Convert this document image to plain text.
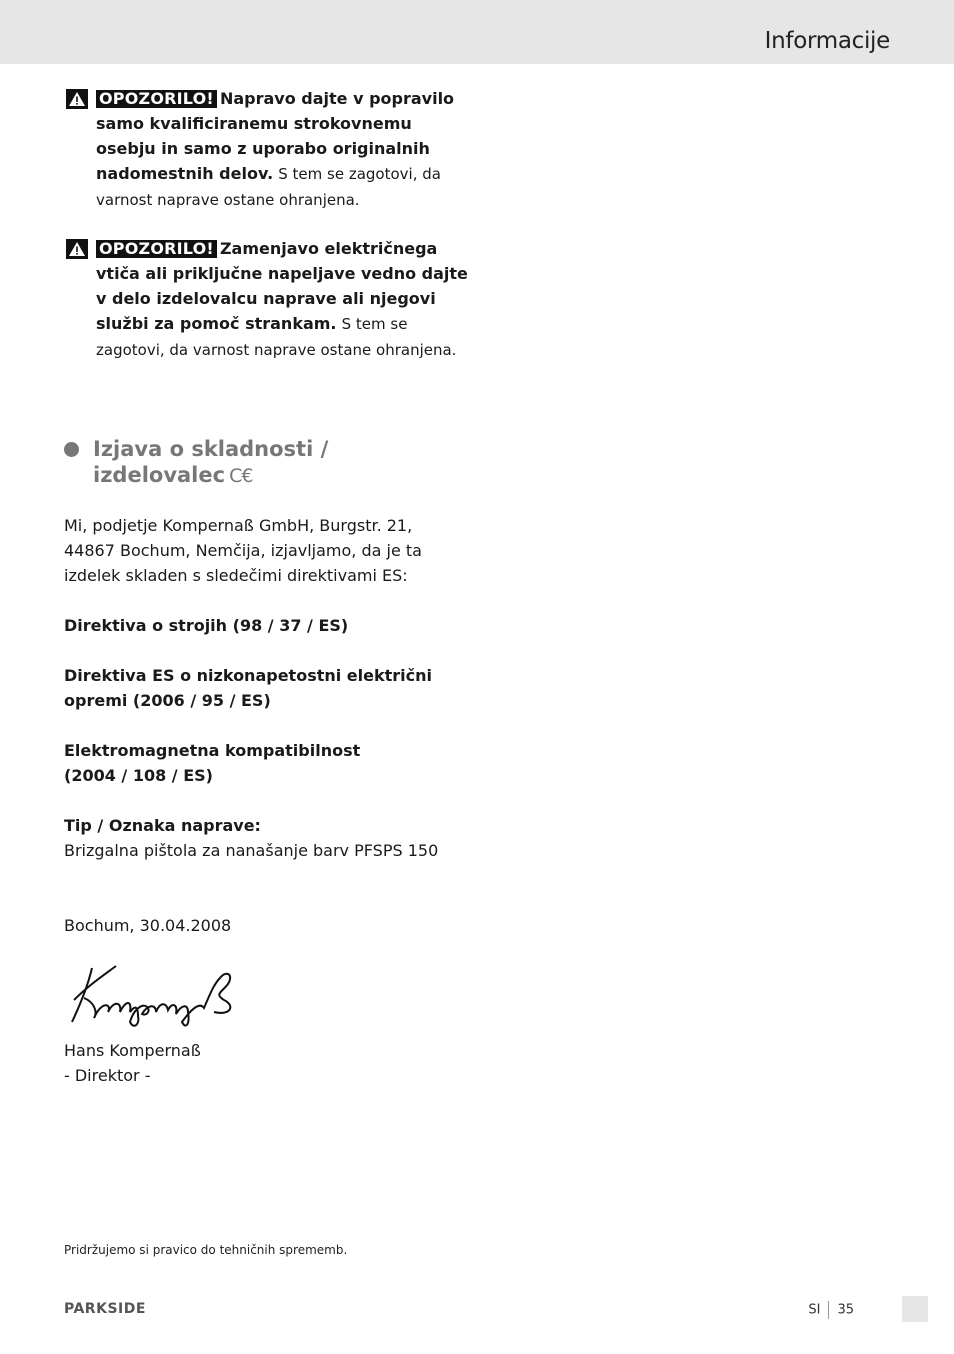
Informacije
OPOZORILO! Napravo dajte v popravilo samo kvalificiranemu strokovnemu osebju in samo z uporabo originalnih nadomestnih delov. S tem se zagotovi, da varnost naprave ostane ohranjena.
OPOZORILO! Zamenjavo električnega vtiča ali priključne napeljave vedno dajte v delo izdelovalcu naprave ali njegovi službi za pomoč strankam. S tem se zagotovi, da varnost naprave ostane ohranjena.
Izjava o skladnosti /
izdelovalec C€

Mi, podjetje Kompernaß GmbH, Burgstr. 21,

44867 Bochum, Nemčija, izjavljamo, da je ta

izdelek skladen s sledečimi direktivami ES:

Direktiva o strojih (98 / 37 / ES)

Direktiva ES o nizkonapetostni električni

opremi (2006 / 95 / ES)

Elektromagnetna kompatibilnost

(2004 / 108 / ES)

Tip / Oznaka naprave:

Brizgalna pištola za nanašanje barv PFSPS 150

Bochum, 30.04.2008

Hans Kompernaß

- Direktor -

Pridržujemo si pravico do tehničnih sprememb.
PARKSIDE	SI 35
